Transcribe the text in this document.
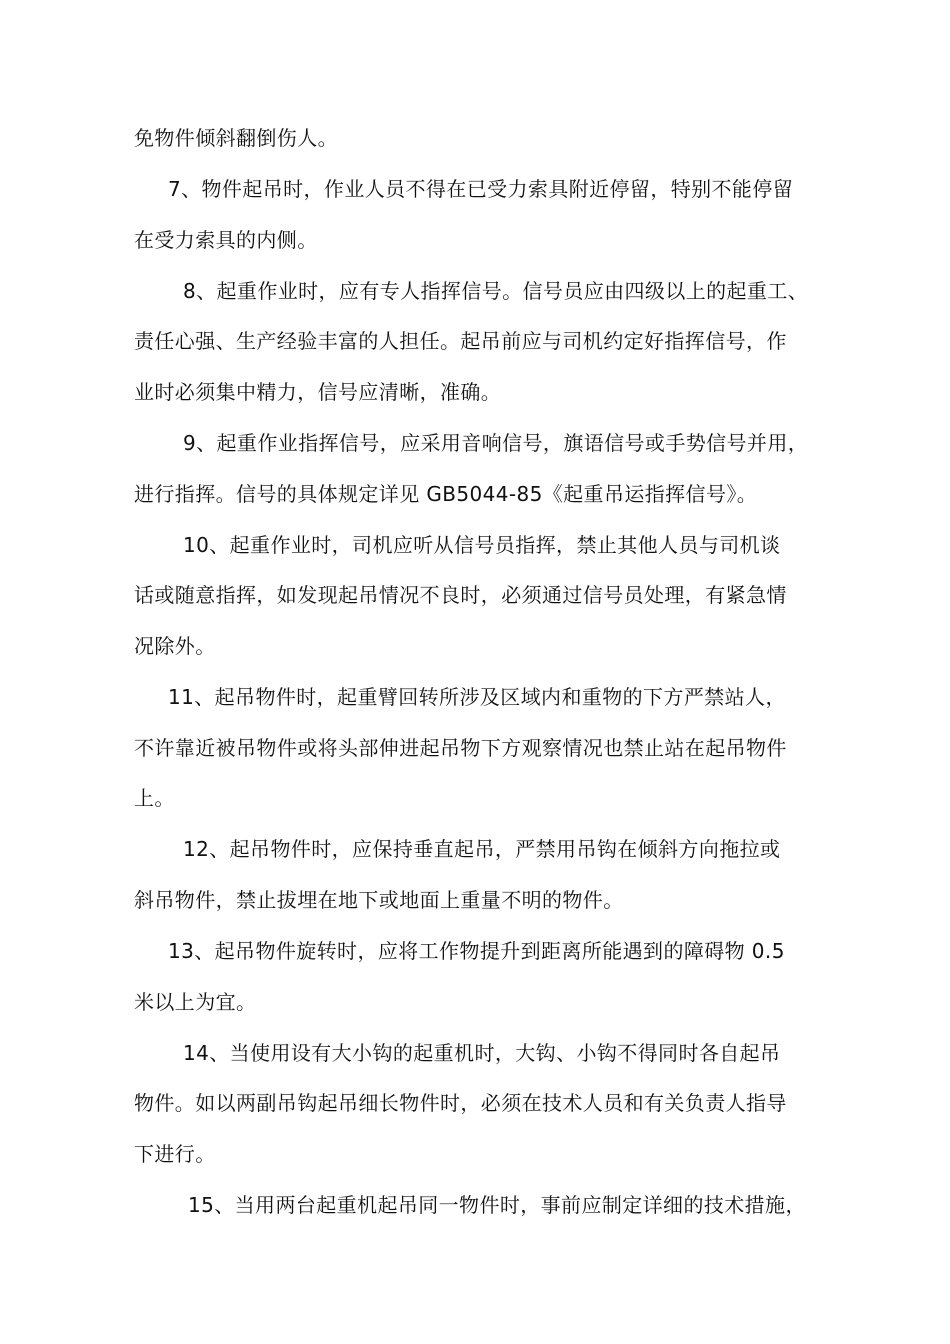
免物件倾斜翻倒伤人。
7、物件起吊时，作业人员不得在已受力索具附近停留，特别不能停留
在受力索具的内侧。
8、起重作业时，应有专人指挥信号。信号员应由四级以上的起重工、
责任心强、生产经验丰富的人担任。起吊前应与司机约定好指挥信号，作
业时必须集中精力，信号应清晰，准确。
9、起重作业指挥信号，应采用音响信号，旗语信号或手势信号并用，
进行指挥。信号的具体规定详见 GB5044-85《起重吊运指挥信号》。
10、起重作业时，司机应听从信号员指挥，禁止其他人员与司机谈
话或随意指挥，如发现起吊情况不良时，必须通过信号员处理，有紧急情
况除外。
11、起吊物件时，起重臂回转所涉及区域内和重物的下方严禁站人，
不许靠近被吊物件或将头部伸进起吊物下方观察情况也禁止站在起吊物件
上。
12、起吊物件时，应保持垂直起吊，严禁用吊钩在倾斜方向拖拉或
斜吊物件，禁止拔埋在地下或地面上重量不明的物件。
13、起吊物件旋转时，应将工作物提升到距离所能遇到的障碍物 0.5
米以上为宜。
14、当使用设有大小钩的起重机时，大钩、小钩不得同时各自起吊
物件。如以两副吊钩起吊细长物件时，必须在技术人员和有关负责人指导
下进行。
15、当用两台起重机起吊同一物件时，事前应制定详细的技术措施，
